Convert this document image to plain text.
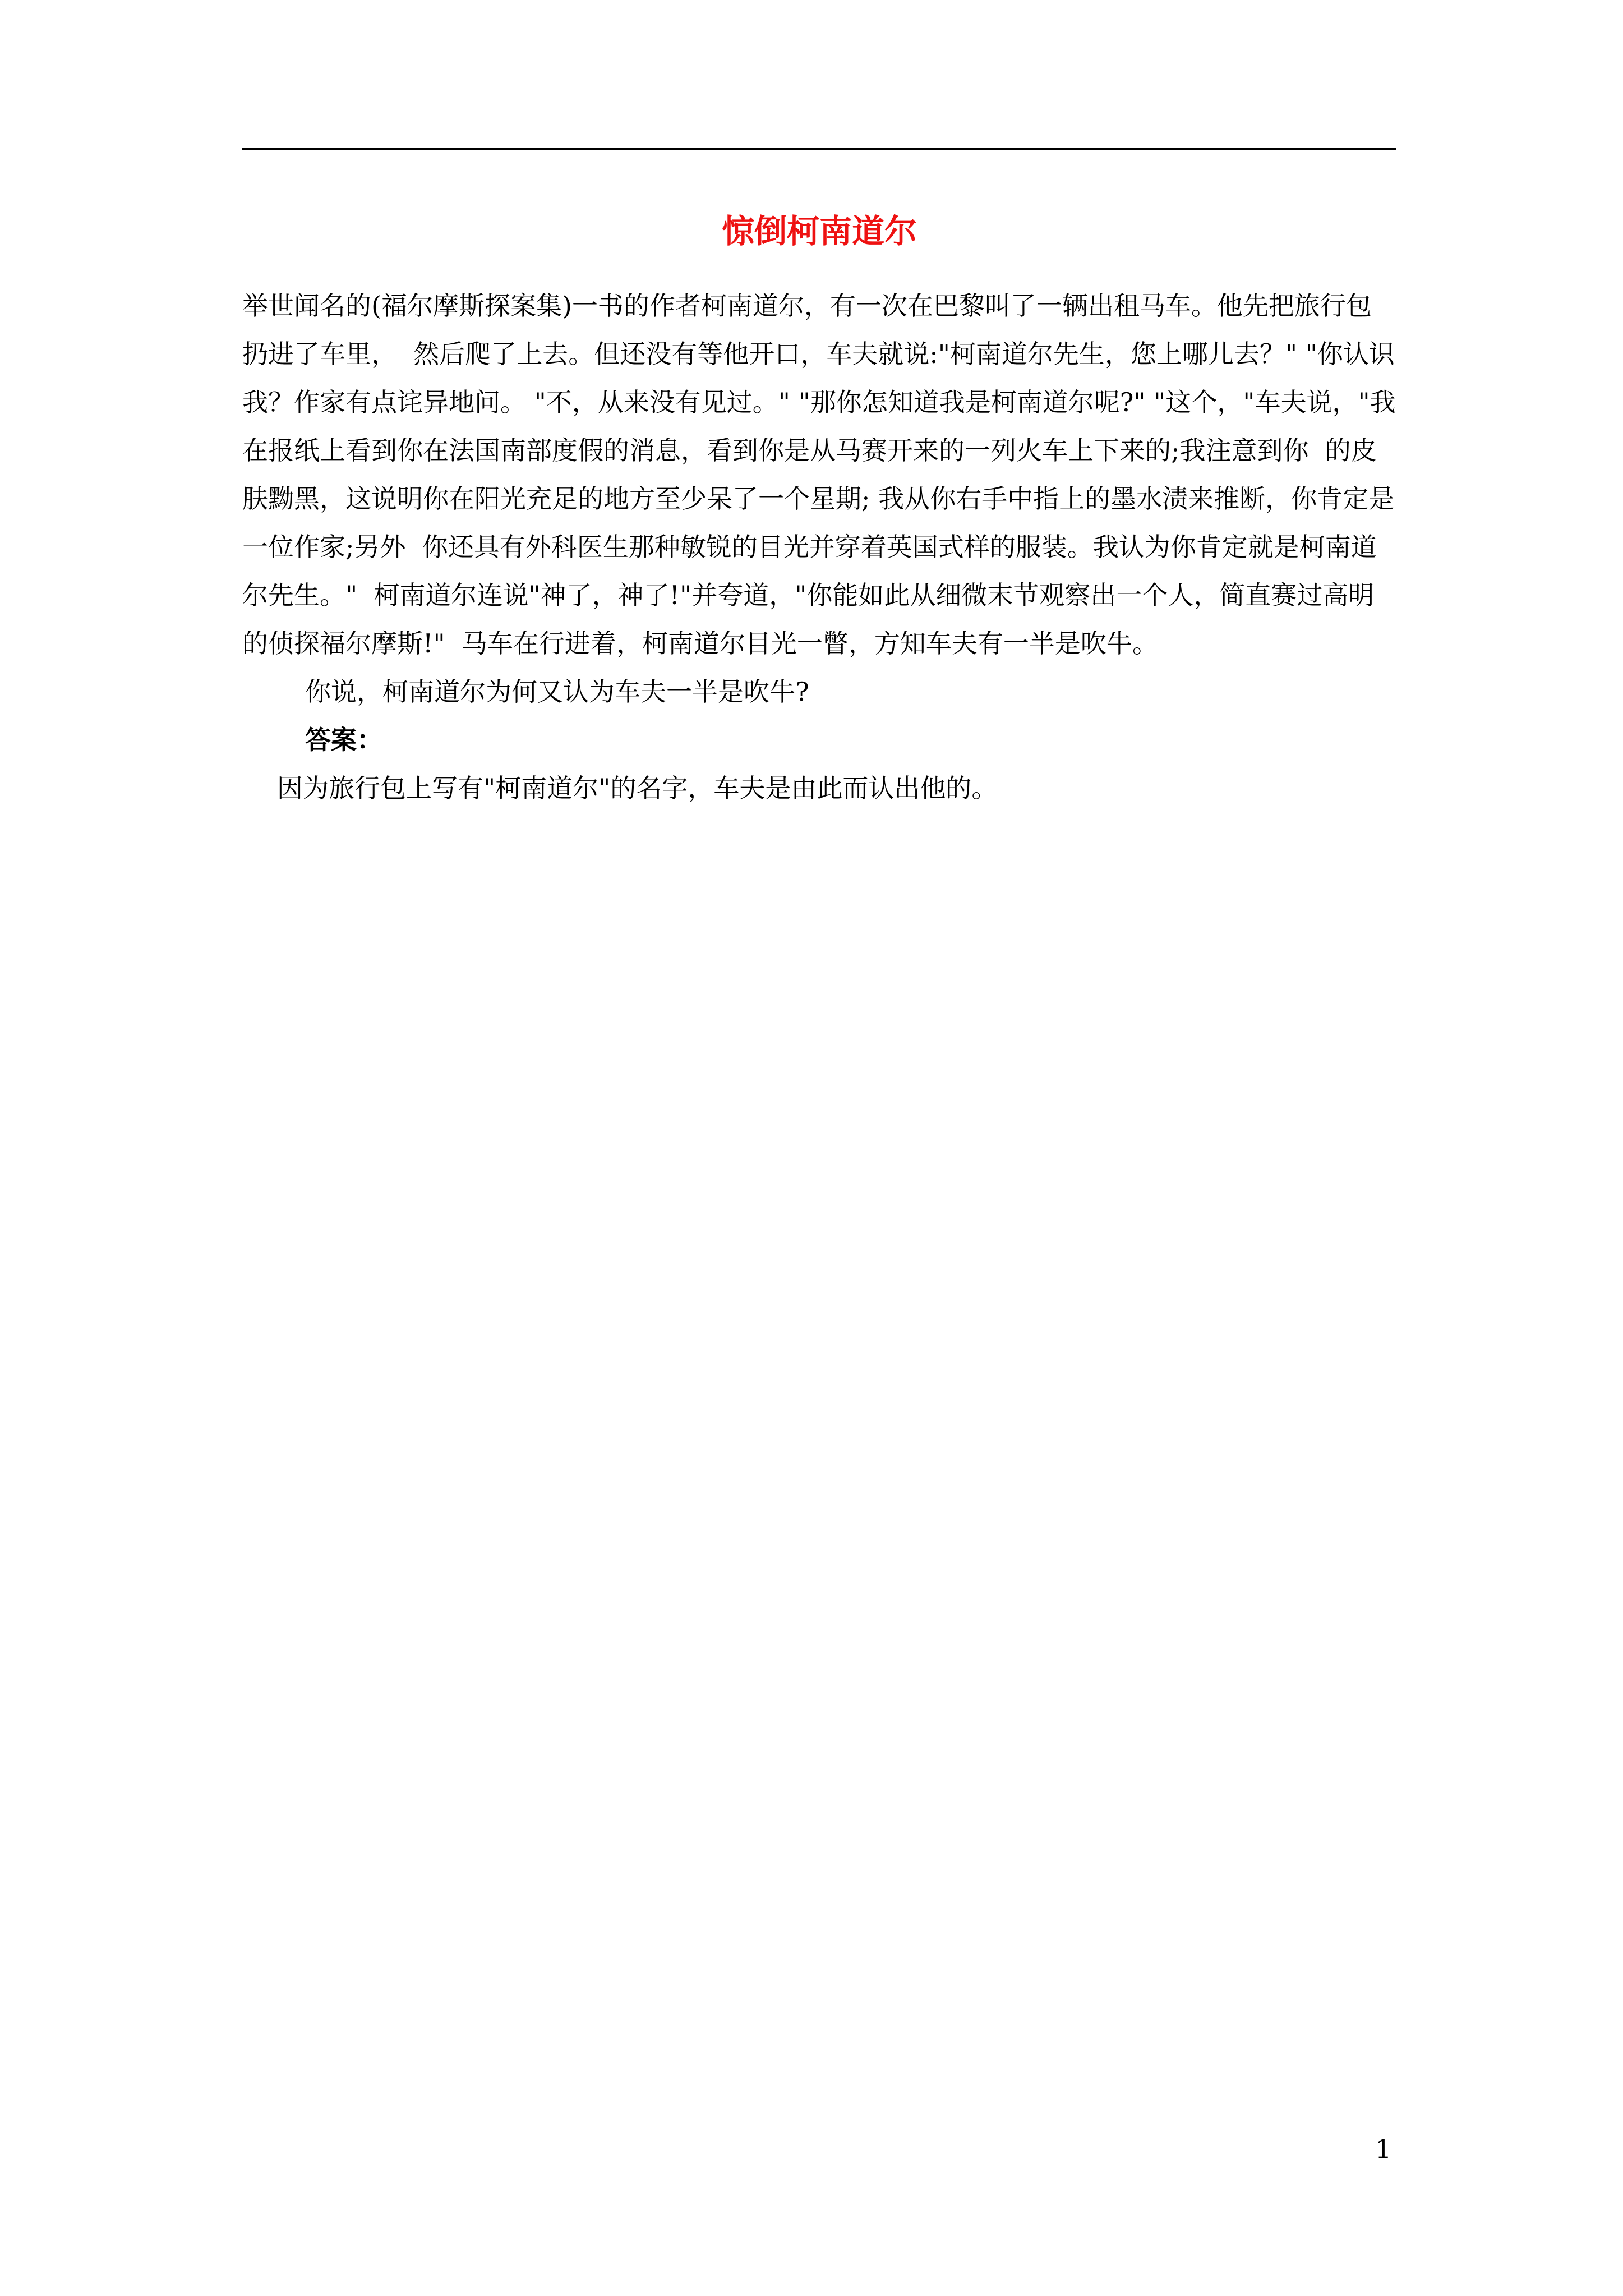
惊倒柯南道尔

举世闻名的(福尔摩斯探案集)一书的作者柯南道尔，有一次在巴黎叫了一辆出租马车。他先把旅行包扔进了车里，  然后爬了上去。但还没有等他开口，车夫就说:"柯南道尔先生，您上哪儿去？" "你认识我？作家有点诧异地问。 "不，从来没有见过。" "那你怎知道我是柯南道尔呢?" "这个，"车夫说，"我在报纸上看到你在法国南部度假的消息，看到你是从马赛开来的一列火车上下来的;我注意到你  的皮肤黝黑，这说明你在阳光充足的地方至少呆了一个星期; 我从你右手中指上的墨水渍来推断，你肯定是一位作家;另外  你还具有外科医生那种敏锐的目光并穿着英国式样的服装。我认为你肯定就是柯南道尔先生。"  柯南道尔连说"神了，神了!"并夸道，"你能如此从细微末节观察出一个人，简直赛过高明的侦探福尔摩斯!"  马车在行进着，柯南道尔目光一瞥，方知车夫有一半是吹牛。

你说，柯南道尔为何又认为车夫一半是吹牛?

答案：

因为旅行包上写有"柯南道尔"的名字，车夫是由此而认出他的。

1
